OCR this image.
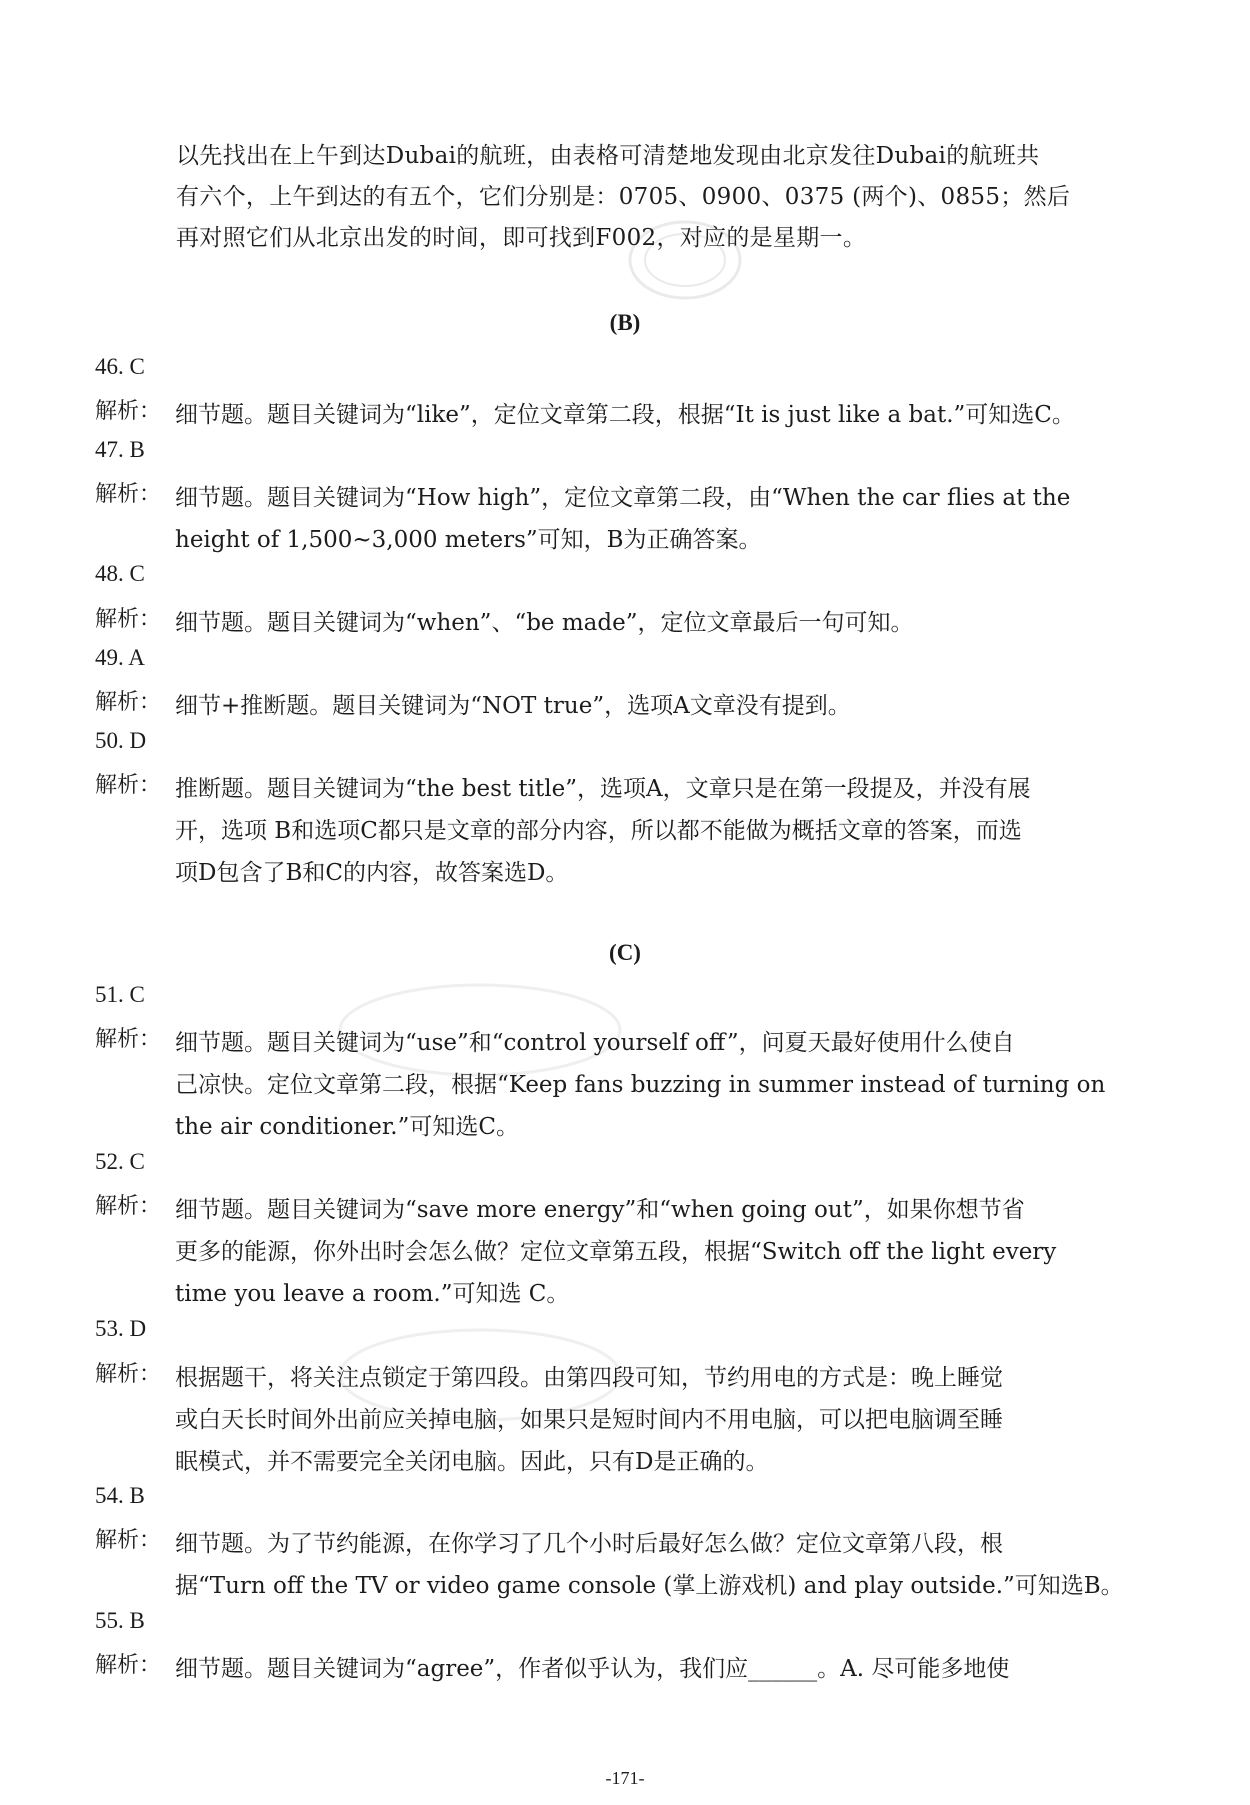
以先找出在上午到达Dubai的航班，由表格可清楚地发现由北京发往Dubai的航班共

有六个，上午到达的有五个，它们分别是：0705、0900、0375 (两个)、0855；然后

再对照它们从北京出发的时间，即可找到F002，对应的是星期一。

(B)
46. C
解析： 细节题。题目关键词为“like”，定位文章第二段，根据“It is just like a bat.”可知选C。
47. B
解析： 细节题。题目关键词为“How high”，定位文章第二段，由“When the car flies at the
height of 1,500~3,000 meters”可知，B为正确答案。
48. C
解析： 细节题。题目关键词为“when”、“be made”，定位文章最后一句可知。
49. A
解析： 细节+推断题。题目关键词为“NOT true”，选项A文章没有提到。
50. D
解析： 推断题。题目关键词为“the best title”，选项A，文章只是在第一段提及，并没有展
开，选项 B和选项C都只是文章的部分内容，所以都不能做为概括文章的答案，而选
项D包含了B和C的内容，故答案选D。
(C)
51. C
解析： 细节题。题目关键词为“use”和“control yourself off”，问夏天最好使用什么使自
己凉快。定位文章第二段，根据“Keep fans buzzing in summer instead of turning on
the air conditioner.”可知选C。
52. C
解析： 细节题。题目关键词为“save more energy”和“when going out”，如果你想节省
更多的能源，你外出时会怎么做？定位文章第五段，根据“Switch off the light every
time you leave a room.”可知选 C。
53. D
解析： 根据题干，将关注点锁定于第四段。由第四段可知，节约用电的方式是：晚上睡觉
或白天长时间外出前应关掉电脑，如果只是短时间内不用电脑，可以把电脑调至睡
眠模式，并不需要完全关闭电脑。因此，只有D是正确的。
54. B
解析： 细节题。为了节约能源，在你学习了几个小时后最好怎么做？定位文章第八段，根
据“Turn off the TV or video game console (掌上游戏机) and play outside.”可知选B。
55. B
解析： 细节题。题目关键词为“agree”，作者似乎认为，我们应______。A. 尽可能多地使
-171-
